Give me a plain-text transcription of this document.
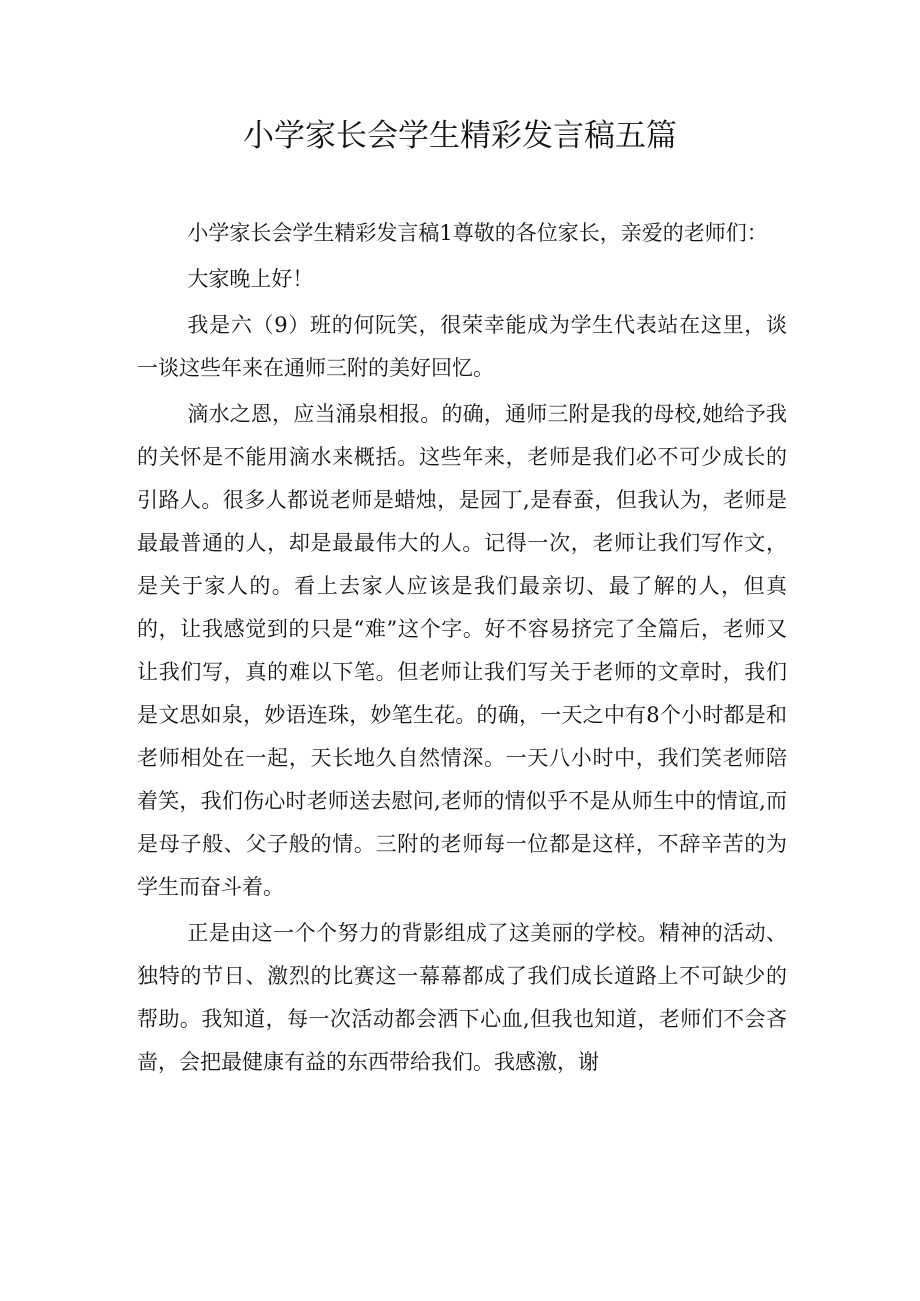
小学家长会学生精彩发言稿五篇

小学家长会学生精彩发言稿1尊敬的各位家长，亲爱的老师们：

大家晚上好！

我是六（9）班的何阮笑，很荣幸能成为学生代表站在这里，谈一谈这些年来在通师三附的美好回忆。

滴水之恩，应当涌泉相报。的确，通师三附是我的母校,她给予我的关怀是不能用滴水来概括。这些年来，老师是我们必不可少成长的引路人。很多人都说老师是蜡烛，是园丁,是春蚕，但我认为，老师是最最普通的人，却是最最伟大的人。记得一次，老师让我们写作文，是关于家人的。看上去家人应该是我们最亲切、最了解的人，但真的，让我感觉到的只是“难”这个字。好不容易挤完了全篇后，老师又让我们写，真的难以下笔。但老师让我们写关于老师的文章时，我们是文思如泉，妙语连珠，妙笔生花。的确，一天之中有8个小时都是和老师相处在一起，天长地久自然情深。一天八小时中，我们笑老师陪着笑，我们伤心时老师送去慰问,老师的情似乎不是从师生中的情谊,而是母子般、父子般的情。三附的老师每一位都是这样，不辞辛苦的为学生而奋斗着。

正是由这一个个努力的背影组成了这美丽的学校。精神的活动、独特的节日、激烈的比赛这一幕幕都成了我们成长道路上不可缺少的帮助。我知道，每一次活动都会洒下心血,但我也知道，老师们不会吝啬，会把最健康有益的东西带给我们。我感激，谢
